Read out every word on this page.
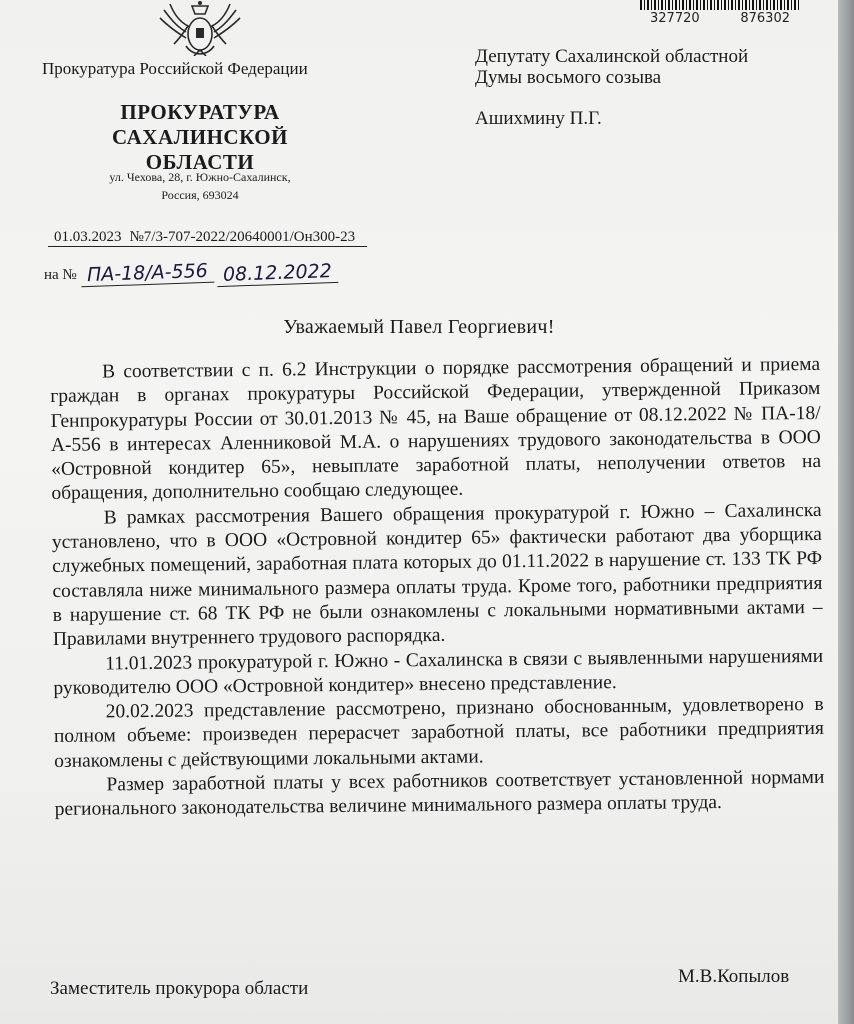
327720	876302
Прокуратура Российской Федерации
ПРОКУРАТУРА
САХАЛИНСКОЙ ОБЛАСТИ
ул. Чехова, 28, г. Южно-Сахалинск,
Россия, 693024
01.03.2023 №7/3-707-2022/20640001/Он300-23
на № ПА-18/А-556 08.12.2022
Депутату Сахалинской областной
Думы восьмого созыва
Ашихмину П.Г.
Уважаемый Павел Георгиевич!

В соответствии с п. 6.2 Инструкции о порядке рассмотрения обращений и приема граждан в органах прокуратуры Российской Федерации, утвержденной Приказом Генпрокуратуры России от 30.01.2013 № 45, на Ваше обращение от 08.12.2022 № ПА-18/А-556 в интересах Аленниковой М.А. о нарушениях трудового законодательства в ООО «Островной кондитер 65», невыплате заработной платы, неполучении ответов на обращения, дополнительно сообщаю следующее.

В рамках рассмотрения Вашего обращения прокуратурой г. Южно – Сахалинска установлено, что в ООО «Островной кондитер 65» фактически работают два уборщика служебных помещений, заработная плата которых до 01.11.2022 в нарушение ст. 133 ТК РФ составляла ниже минимального размера оплаты труда. Кроме того, работники предприятия в нарушение ст. 68 ТК РФ не были ознакомлены с локальными нормативными актами – Правилами внутреннего трудового распорядка.

11.01.2023 прокуратурой г. Южно - Сахалинска в связи с выявленными нарушениями руководителю ООО «Островной кондитер» внесено представление.

20.02.2023 представление рассмотрено, признано обоснованным, удовлетворено в полном объеме: произведен перерасчет заработной платы, все работники предприятия ознакомлены с действующими локальными актами.

Размер заработной платы у всех работников соответствует установленной нормами регионального законодательства величине минимального размера оплаты труда.

Заместитель прокурора области
М.В.Копылов
